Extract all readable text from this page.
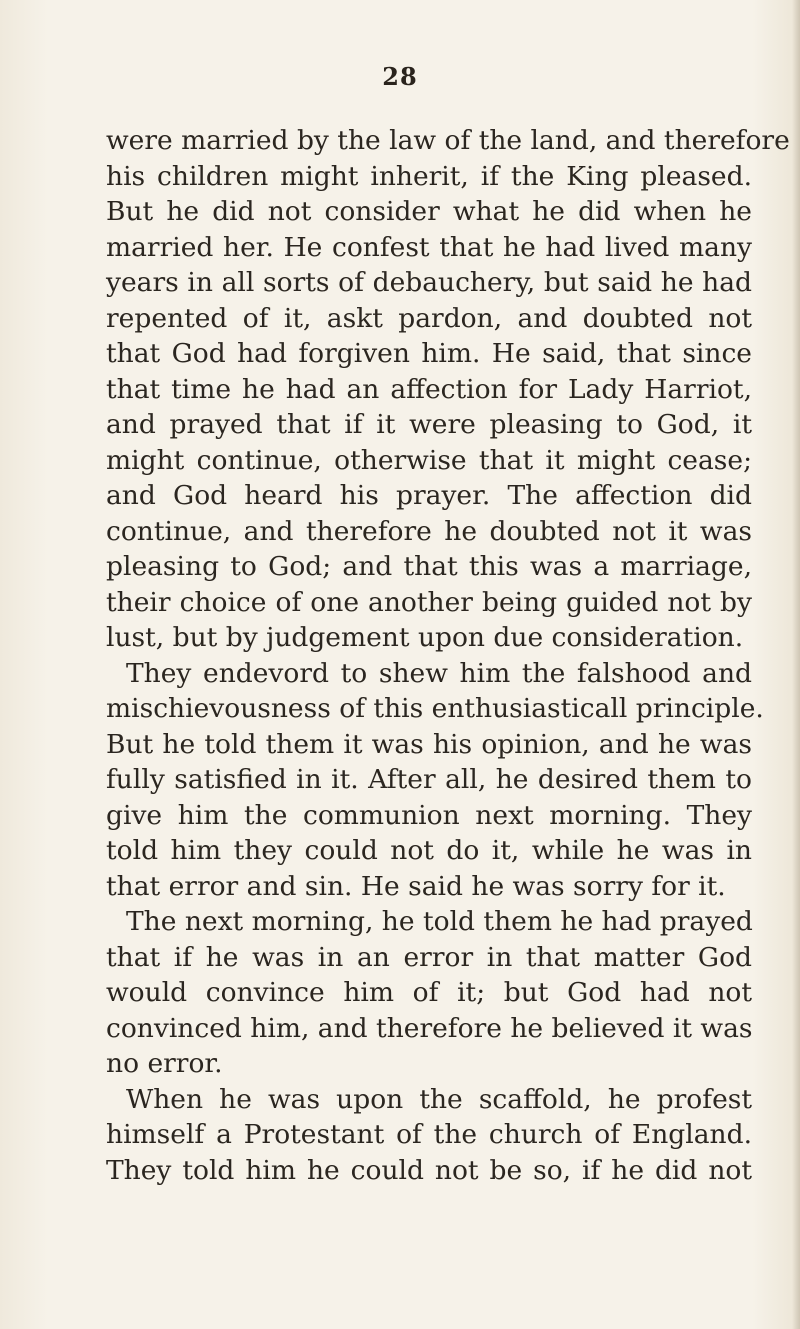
28
were married by the law of the land, and therefore
his children might inherit, if the King pleased.
But he did not consider what he did when he
married her. He confest that he had lived many
years in all sorts of debauchery, but said he had
repented of it, askt pardon, and doubted not
that God had forgiven him. He said, that since
that time he had an affection for Lady Harriot,
and prayed that if it were pleasing to God, it
might continue, otherwise that it might cease;
and God heard his prayer. The affection did
continue, and therefore he doubted not it was
pleasing to God; and that this was a marriage,
their choice of one another being guided not by
lust, but by judgement upon due consideration.
They endevord to shew him the falshood and
mischievousness of this enthusiasticall principle.
But he told them it was his opinion, and he was
fully satisfied in it. After all, he desired them to
give him the communion next morning. They
told him they could not do it, while he was in
that error and sin. He said he was sorry for it.
The next morning, he told them he had prayed
that if he was in an error in that matter God
would convince him of it; but God had not
convinced him, and therefore he believed it was
no error.
When he was upon the scaffold, he profest
himself a Protestant of the church of England.
They told him he could not be so, if he did not
